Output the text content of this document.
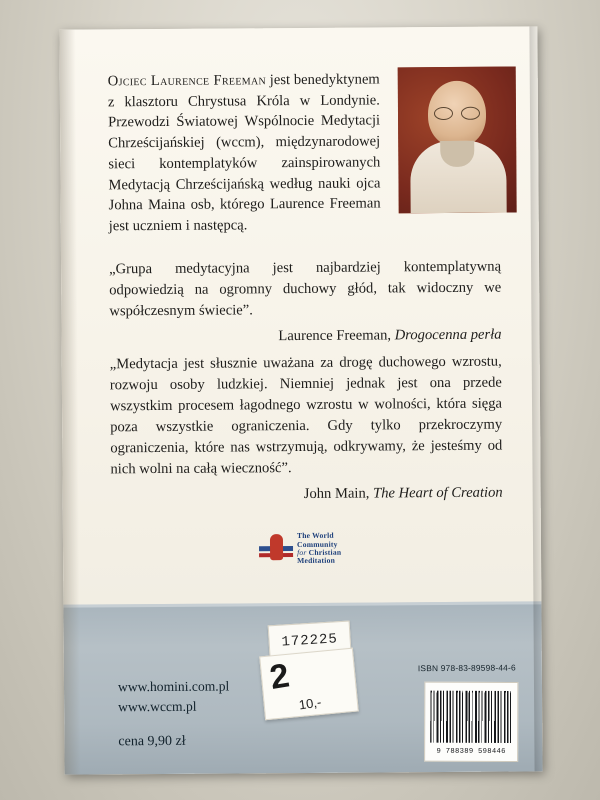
Ojciec Laurence Freeman jest benedyktynem z klasztoru Chrystusa Króla w Londynie. Przewodzi Światowej Wspólnocie Medytacji Chrześcijańskiej (wccm), międzynarodowej sieci kontemplatyków zainspirowanych Medytacją Chrześcijańską według nauki ojca Johna Maina osb, którego Laurence Freeman jest uczniem i następcą.
„Grupa medytacyjna jest najbardziej kontemplatywną odpowiedzią na ogromny duchowy głód, tak widoczny we współczesnym świecie”.
Laurence Freeman, Drogocenna perła
„Medytacja jest słusznie uważana za drogę duchowego wzrostu, rozwoju osoby ludzkiej. Niemniej jednak jest ona przede wszystkim procesem łagodnego wzrostu w wolności, która sięga poza wszystkie ograniczenia. Gdy tylko przekroczymy ograniczenia, które nas wstrzymują, odkrywamy, że jesteśmy od nich wolni na całą wieczność”.
John Main, The Heart of Creation
The World Community
for Christian Meditation
www.homini.com.pl
www.wccm.pl
cena 9,90 zł
ISBN 978-83-89598-44-6
9 788389 598446
172225
2
10,-
